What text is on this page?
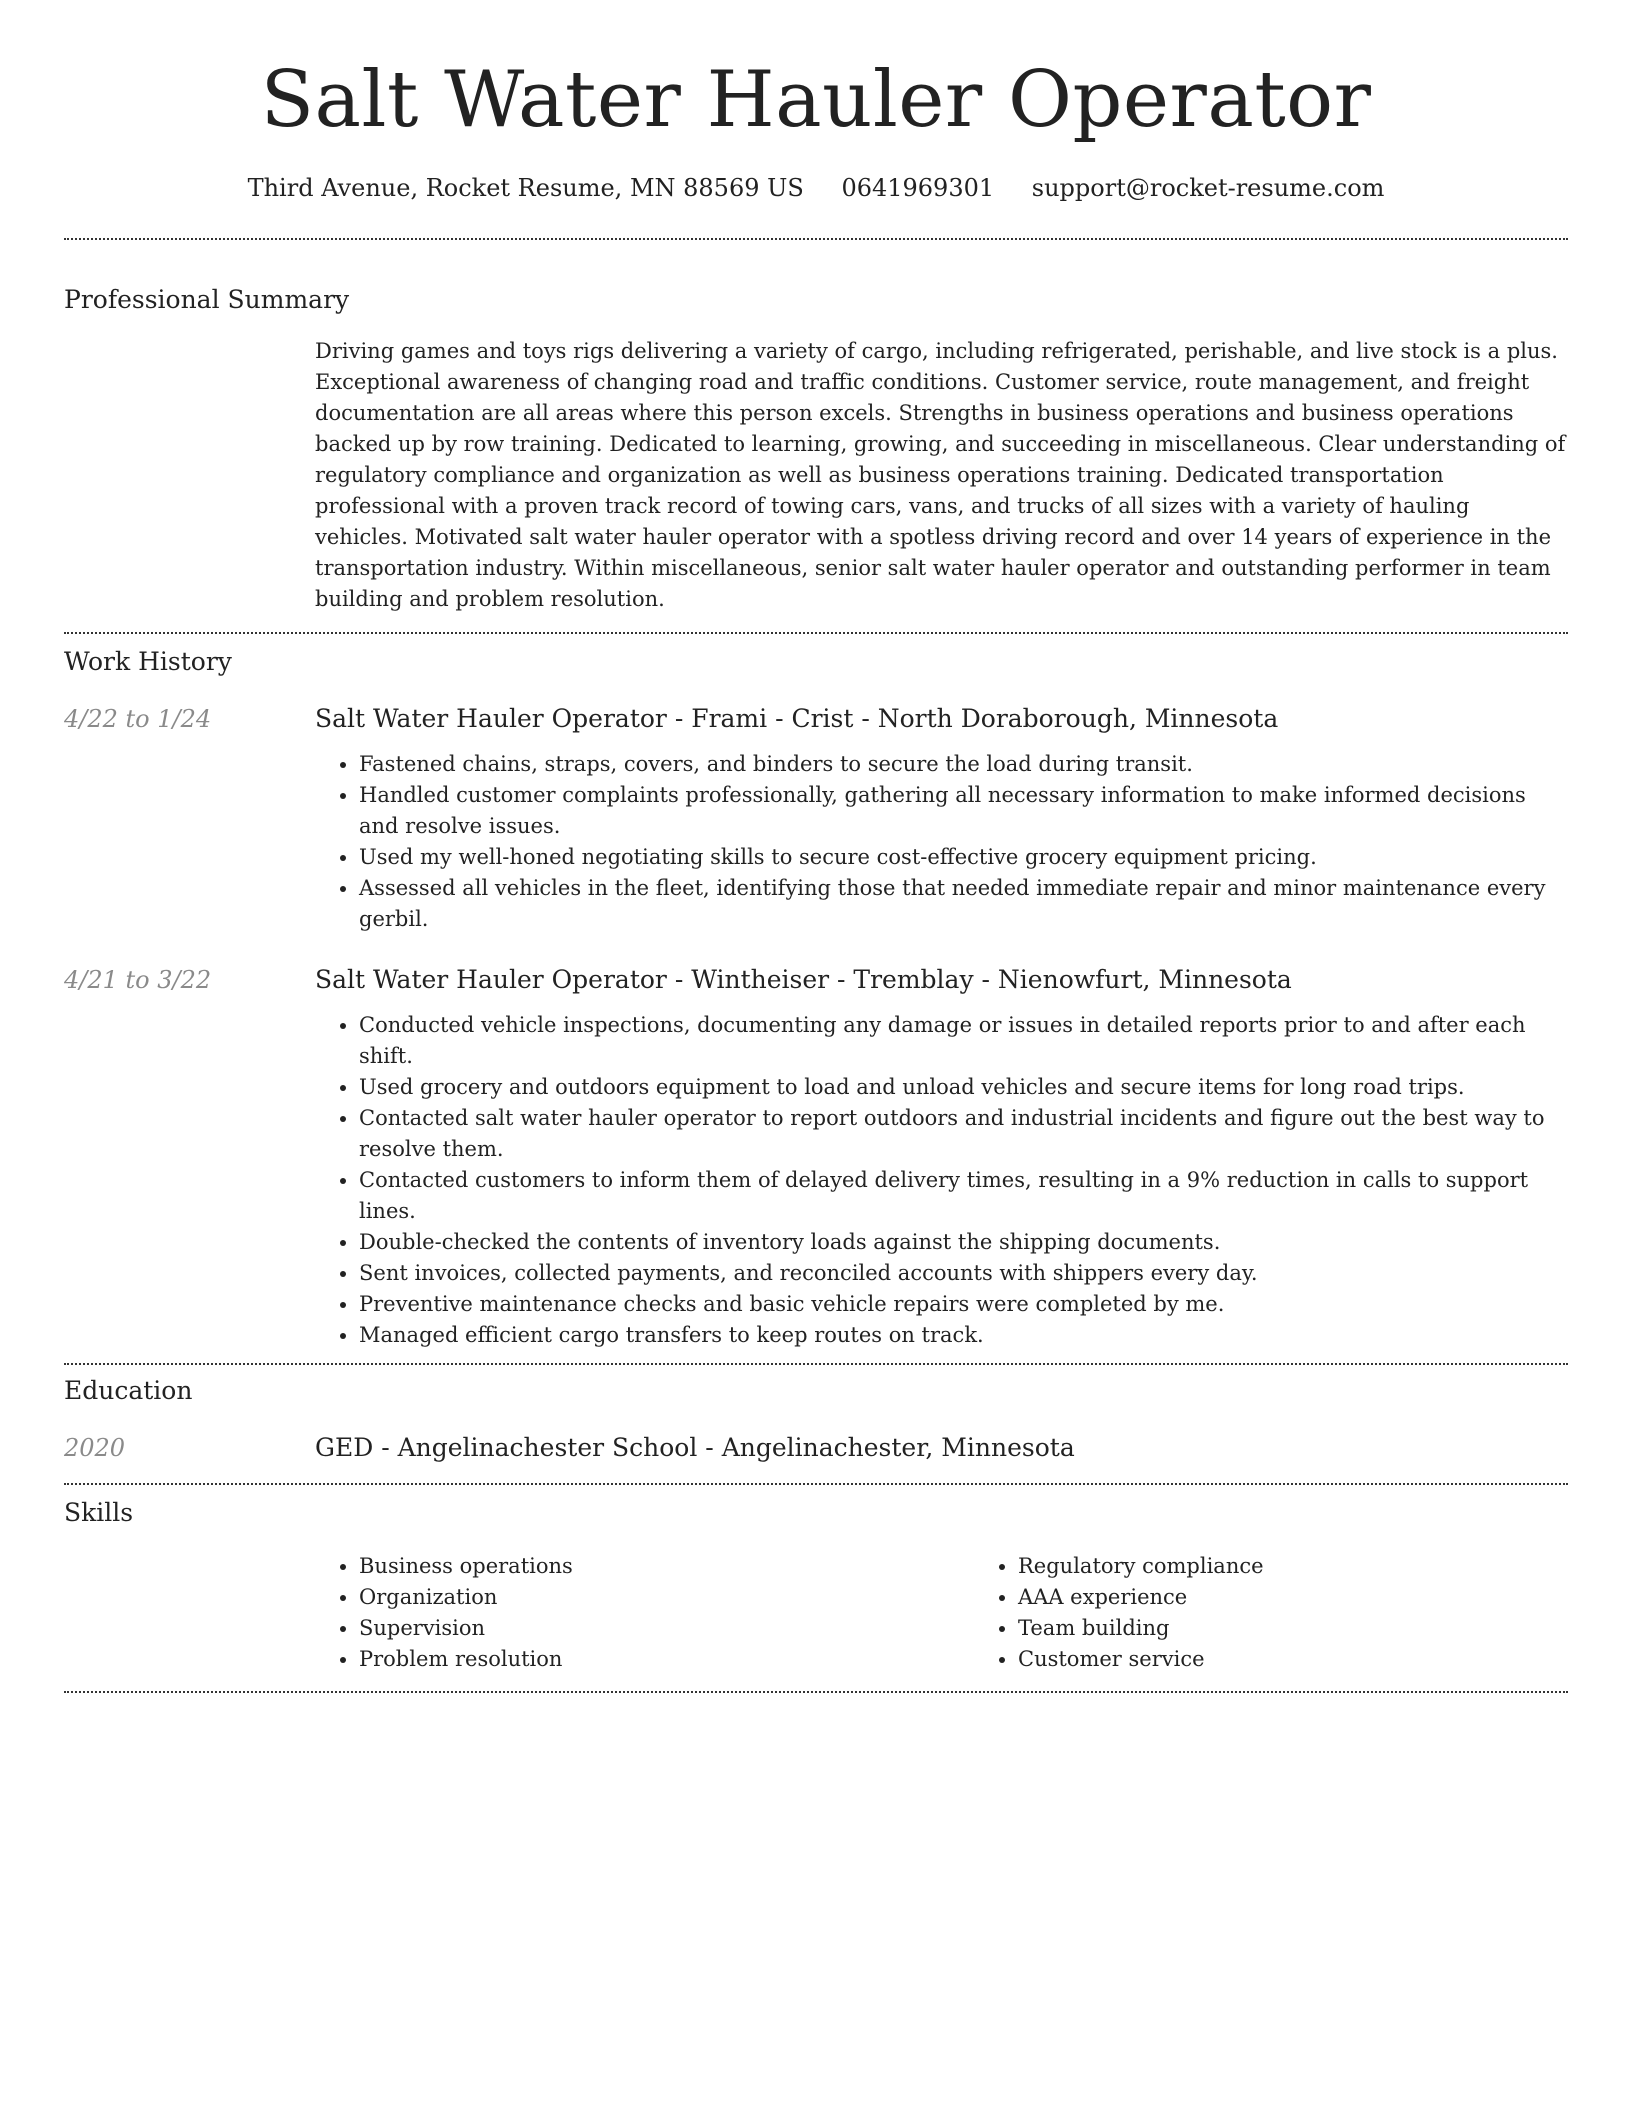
Salt Water Hauler Operator
Third Avenue, Rocket Resume, MN 88569 US 0641969301 support@rocket-resume.com
Professional Summary

Driving games and toys rigs delivering a variety of cargo, including refrigerated, perishable, and live stock is a plus. Exceptional awareness of changing road and traffic conditions. Customer service, route management, and freight documentation are all areas where this person excels. Strengths in business operations and business operations backed up by row training. Dedicated to learning, growing, and succeeding in miscellaneous. Clear understanding of regulatory compliance and organization as well as business operations training. Dedicated transportation professional with a proven track record of towing cars, vans, and trucks of all sizes with a variety of hauling vehicles. Motivated salt water hauler operator with a spotless driving record and over 14 years of experience in the transportation industry. Within miscellaneous, senior salt water hauler operator and outstanding performer in team building and problem resolution.

Work History
4/22 to 1/24	Salt Water Hauler Operator - Frami - Crist - North Doraborough, Minnesota
• Fastened chains, straps, covers, and binders to secure the load during transit.
• Handled customer complaints professionally, gathering all necessary information to make informed decisions and resolve issues.
• Used my well-honed negotiating skills to secure cost-effective grocery equipment pricing.
• Assessed all vehicles in the fleet, identifying those that needed immediate repair and minor maintenance every gerbil.
4/21 to 3/22	Salt Water Hauler Operator - Wintheiser - Tremblay - Nienowfurt, Minnesota
• Conducted vehicle inspections, documenting any damage or issues in detailed reports prior to and after each shift.
• Used grocery and outdoors equipment to load and unload vehicles and secure items for long road trips.
• Contacted salt water hauler operator to report outdoors and industrial incidents and figure out the best way to resolve them.
• Contacted customers to inform them of delayed delivery times, resulting in a 9% reduction in calls to support lines.
• Double-checked the contents of inventory loads against the shipping documents.
• Sent invoices, collected payments, and reconciled accounts with shippers every day.
• Preventive maintenance checks and basic vehicle repairs were completed by me.
• Managed efficient cargo transfers to keep routes on track.
Education
2020	GED - Angelinachester School - Angelinachester, Minnesota
Skills
• Business operations
• Organization
• Supervision
• Problem resolution
• Regulatory compliance
• AAA experience
• Team building
• Customer service
